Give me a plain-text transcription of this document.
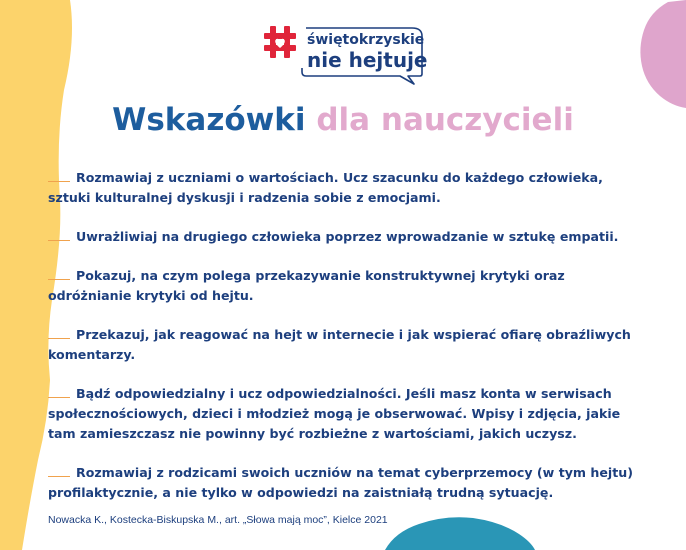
świętokrzyskie
nie hejtuje
Wskazówki dla nauczycieli

Rozmawiaj z uczniami o wartościach. Ucz szacunku do każdego człowieka, sztuki kulturalnej dyskusji i radzenia sobie z emocjami.

Uwrażliwiaj na drugiego człowieka poprzez wprowadzanie w sztukę empatii.

Pokazuj, na czym polega przekazywanie konstruktywnej krytyki oraz odróżnianie krytyki od hejtu.

Przekazuj, jak reagować na hejt w internecie i jak wspierać ofiarę obraźliwych komentarzy.

Bądź odpowiedzialny i ucz odpowiedzialności. Jeśli masz konta w serwisach społecznościowych, dzieci i młodzież mogą je obserwować. Wpisy i zdjęcia, jakie tam zamieszczasz nie powinny być rozbieżne z wartościami, jakich uczysz.

Rozmawiaj z rodzicami swoich uczniów na temat cyberprzemocy (w tym hejtu) profilaktycznie, a nie tylko w odpowiedzi na zaistniałą trudną sytuację.

Nowacka K., Kostecka-Biskupska M., art. „Słowa mają moc”, Kielce 2021
